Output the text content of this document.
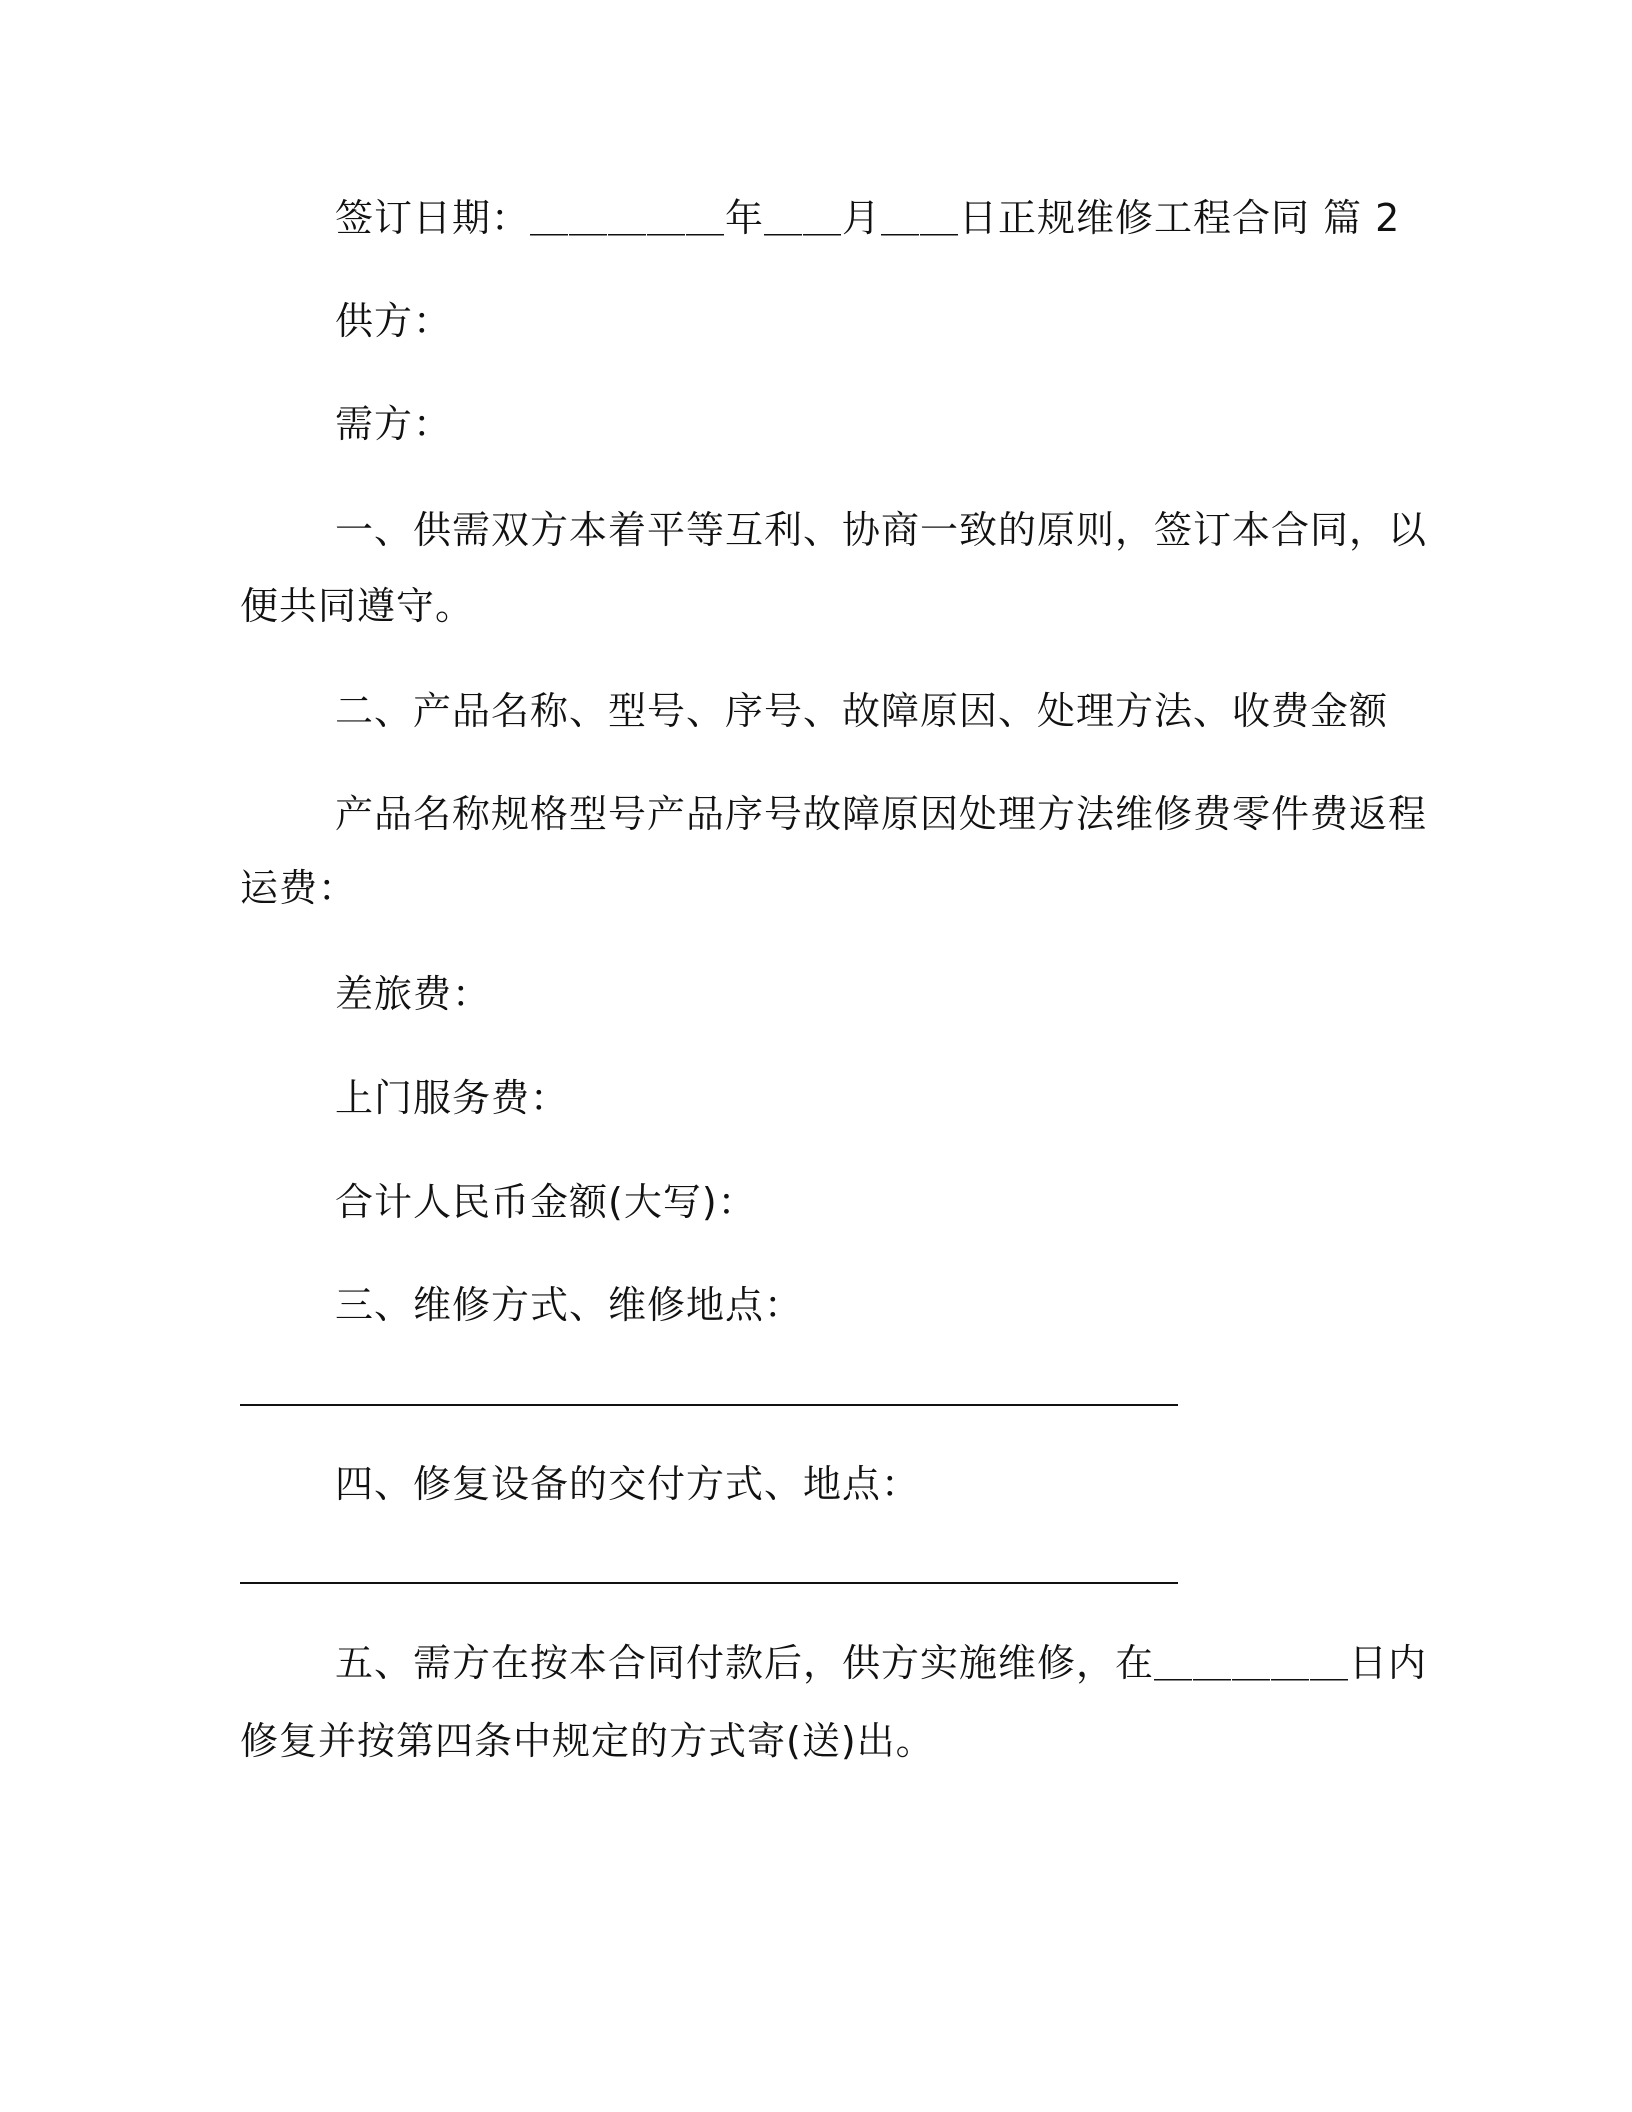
签订日期：＿＿＿＿＿年＿＿月＿＿日正规维修工程合同 篇 2
供方：
需方：
一、供需双方本着平等互利、协商一致的原则，签订本合同，以
便共同遵守。
二、产品名称、型号、序号、故障原因、处理方法、收费金额
产品名称规格型号产品序号故障原因处理方法维修费零件费返程
运费：
差旅费：
上门服务费：
合计人民币金额(大写)：
三、维修方式、维修地点：
四、修复设备的交付方式、地点：
五、需方在按本合同付款后，供方实施维修，在＿＿＿＿＿日内
修复并按第四条中规定的方式寄(送)出。
